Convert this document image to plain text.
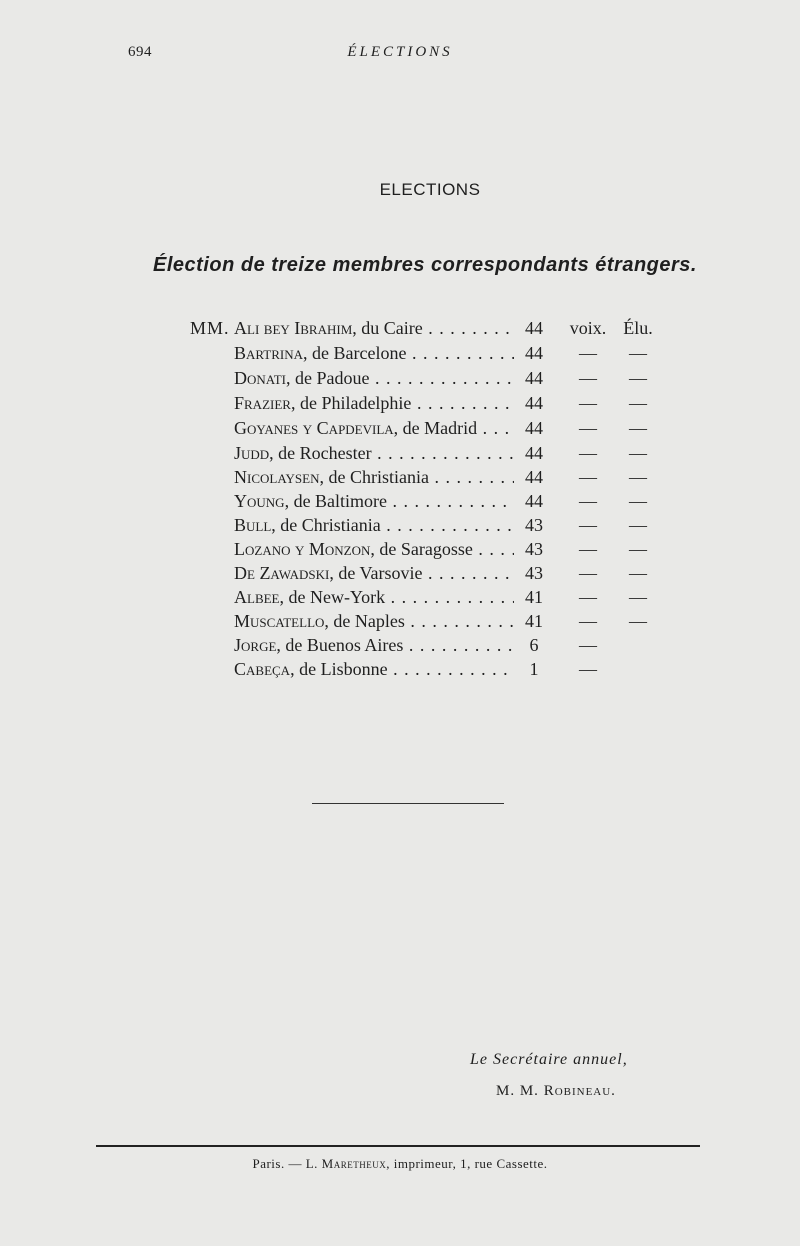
694	ÉLECTIONS
ELECTIONS
Élection de treize membres correspondants étrangers.
MM. Ali bey Ibrahim, du Caire . . .	44	voix. Élu.
Bartrina, de Barcelone . . .	44	—	—
Donati, de Padoue . . .	44	—	—
Frazier, de Philadelphie . . .	44	—	—
Goyanes y Capdevila, de Madrid . . .	44	—	—
Judd, de Rochester . . .	44	—	—
Nicolaysen, de Christiania . . .	44	—	—
Young, de Baltimore . . .	44	—	—
Bull, de Christiania . . .	43	—	—
Lozano y Monzon, de Saragosse . . .	43	—	—
De Zawadski, de Varsovie . . .	43	—	—
Albee, de New-York . . .	41	—	—
Muscatello, de Naples . . .	41	—	—
Jorge, de Buenos Aires . . .	6	—
Cabeça, de Lisbonne . . .	1	—
Le Secrétaire annuel,
M. M. Robineau.
Paris. — L. Maretheux, imprimeur, 1, rue Cassette.
